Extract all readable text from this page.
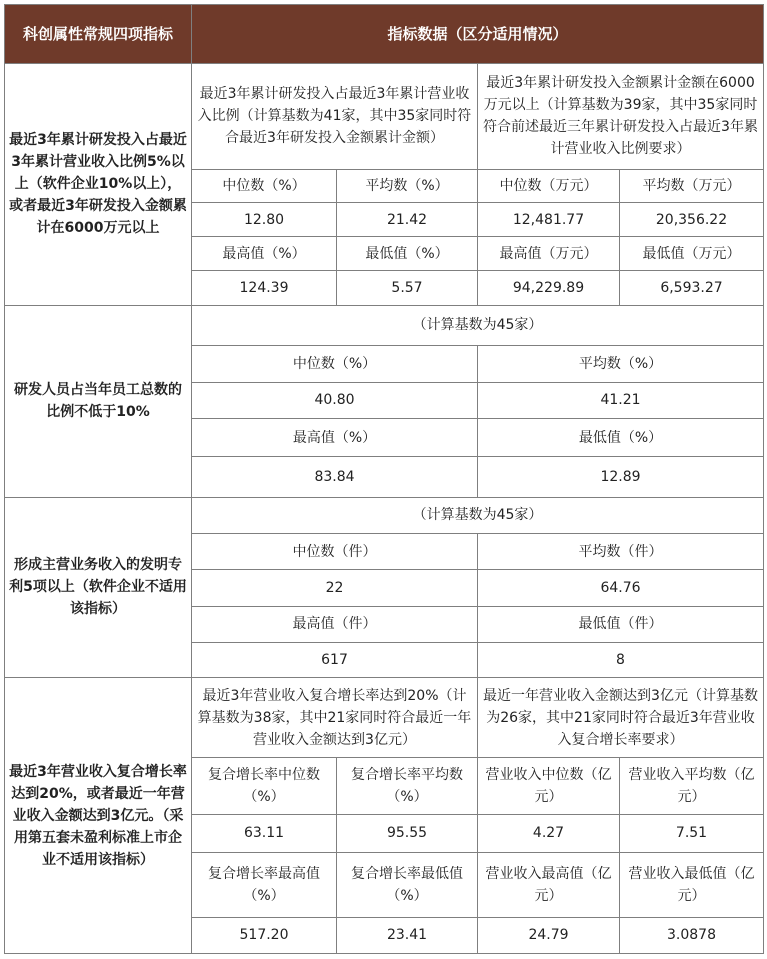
科创属性常规四项指标	指标数据（区分适用情况）			
最近3年累计研发投入占最近3年累计营业收入比例5%以上（软件企业10%以上），或者最近3年研发投入金额累计在6000万元以上	最近3年累计研发投入占最近3年累计营业收入比例（计算基数为41家，其中35家同时符合最近3年研发投入金额累计金额）		最近3年累计研发投入金额累计金额在6000万元以上（计算基数为39家，其中35家同时符合前述最近三年累计研发投入占最近3年累计营业收入比例要求）	
	中位数（%）	平均数（%）	中位数（万元）	平均数（万元）
	12.80	21.42	12,481.77	20,356.22
	最高值（%）	最低值（%）	最高值（万元）	最低值（万元）
	124.39	5.57	94,229.89	6,593.27
研发人员占当年员工总数的比例不低于10%	（计算基数为45家）			
	中位数（%）		平均数（%）	
	40.80		41.21	
	最高值（%）		最低值（%）	
	83.84		12.89	
形成主营业务收入的发明专利5项以上（软件企业不适用该指标）	（计算基数为45家）			
	中位数（件）		平均数（件）	
	22		64.76	
	最高值（件）		最低值（件）	
	617		8	
最近3年营业收入复合增长率达到20%，或者最近一年营业收入金额达到3亿元。（采用第五套未盈利标准上市企业不适用该指标）	最近3年营业收入复合增长率达到20%（计算基数为38家，其中21家同时符合最近一年营业收入金额达到3亿元）		最近一年营业收入金额达到3亿元（计算基数为26家，其中21家同时符合最近3年营业收入复合增长率要求）	
	复合增长率中位数（%）	复合增长率平均数（%）	营业收入中位数（亿元）	营业收入平均数（亿元）
	63.11	95.55	4.27	7.51
	复合增长率最高值（%）	复合增长率最低值（%）	营业收入最高值（亿元）	营业收入最低值（亿元）
	517.20	23.41	24.79	3.0878
